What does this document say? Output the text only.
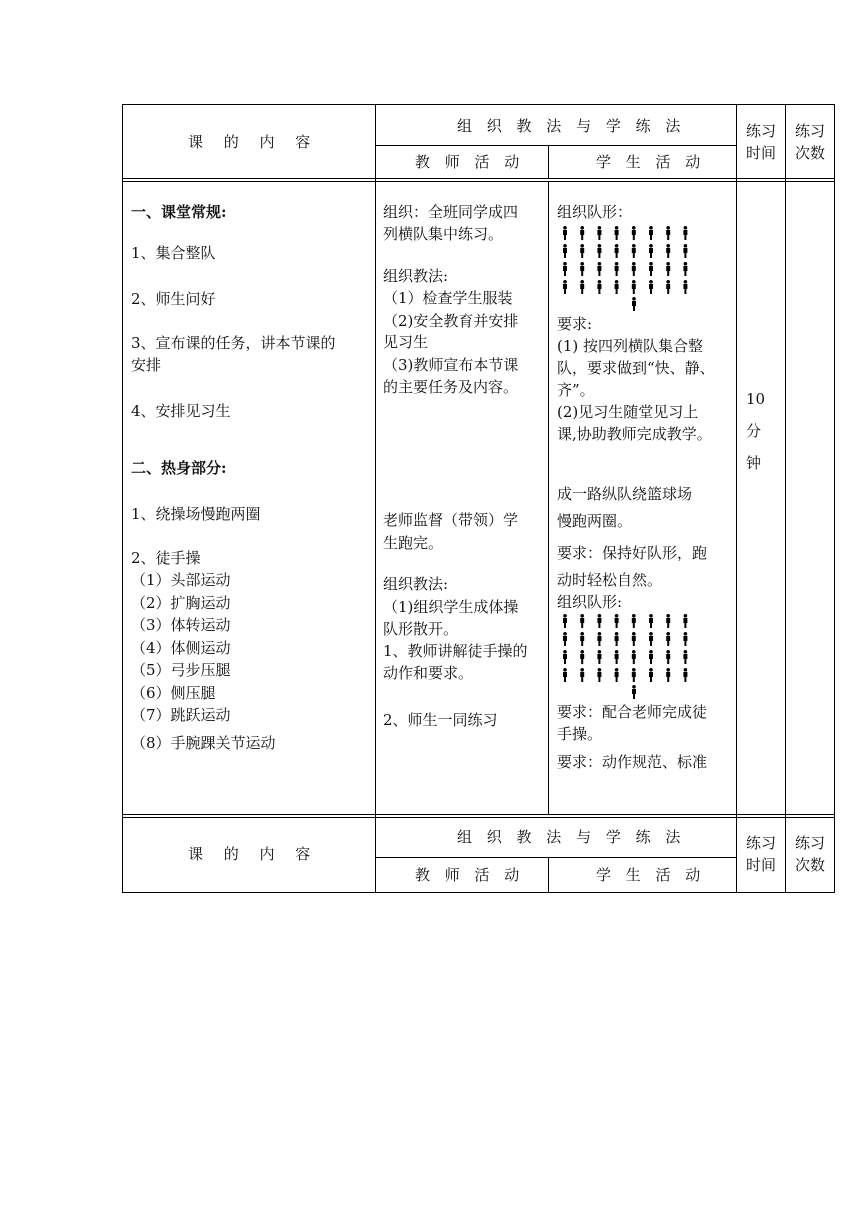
课 的 内 容
组 织 教 法 与 学 练 法
教 师 活 动	学 生 活 动
练习
时间
练习
次数
一、课堂常规:
1、集合整队
2、师生问好
3、宣布课的任务，讲本节课的
安排
4、安排见习生
二、热身部分:
1、绕操场慢跑两圈
2、徒手操
（1）头部运动
（2）扩胸运动
（3）体转运动
（4）体侧运动
（5）弓步压腿
（6）侧压腿
（7）跳跃运动
（8）手腕踝关节运动
组织：全班同学成四
列横队集中练习。
组织教法:
（1）检查学生服装
（2)安全教育并安排
见习生
（3)教师宣布本节课
的主要任务及内容。
老师监督（带领）学
生跑完。
组织教法:
（1)组织学生成体操
队形散开。
1、教师讲解徒手操的
动作和要求。
2、师生一同练习
组织队形：
要求:
(1) 按四列横队集合整
队，要求做到“快、静、
齐”。
(2)见习生随堂见习上
课,协助教师完成教学。
成一路纵队绕篮球场
慢跑两圈。
要求：保持好队形，跑
动时轻松自然。
组织队形:
要求：配合老师完成徒
手操。
要求：动作规范、标准
10
分
钟
课 的 内 容
组 织 教 法 与 学 练 法
教 师 活 动	学 生 活 动
练习
时间
练习
次数
